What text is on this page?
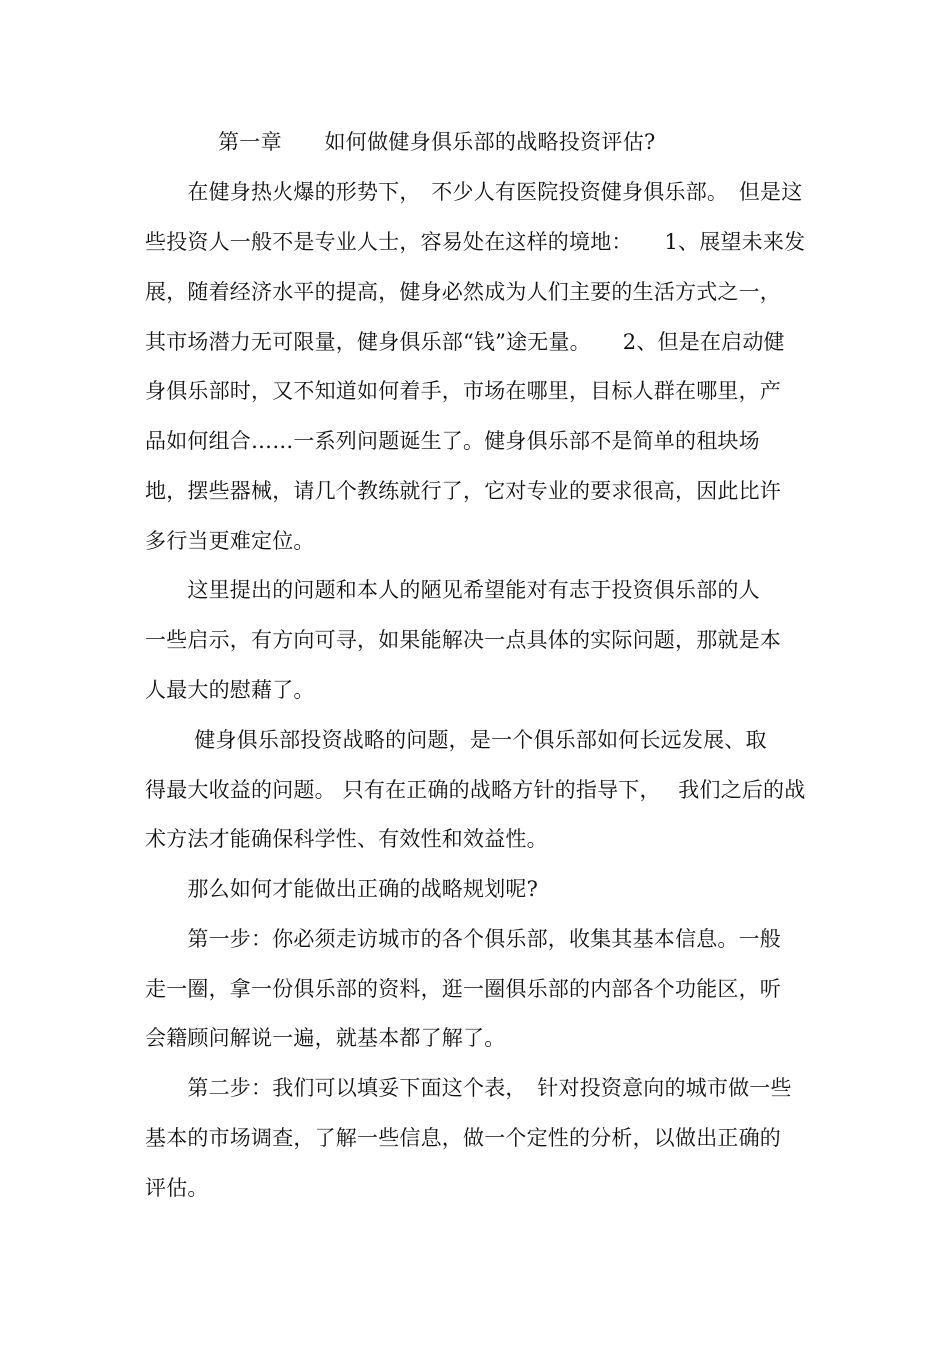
第一章　　如何做健身俱乐部的战略投资评估?
　　在健身热火爆的形势下，　不少人有医院投资健身俱乐部。　但是这
些投资人一般不是专业人士，容易处在这样的境地：　　1、展望未来发
展，随着经济水平的提高，健身必然成为人们主要的生活方式之一，
其市场潜力无可限量，健身俱乐部“钱”途无量。　　2、但是在启动健
身俱乐部时，又不知道如何着手，市场在哪里，目标人群在哪里，产
品如何组合……一系列问题诞生了。健身俱乐部不是简单的租块场
地，摆些器械，请几个教练就行了，它对专业的要求很高，因此比许
多行当更难定位。
　　这里提出的问题和本人的陋见希望能对有志于投资俱乐部的人
一些启示，有方向可寻，如果能解决一点具体的实际问题，那就是本
人最大的慰藉了。
　　 健身俱乐部投资战略的问题，是一个俱乐部如何长远发展、取
得最大收益的问题。 只有在正确的战略方针的指导下，　 我们之后的战
术方法才能确保科学性、有效性和效益性。
　　那么如何才能做出正确的战略规划呢?
　　第一步：你必须走访城市的各个俱乐部，收集其基本信息。一般
走一圈，拿一份俱乐部的资料，逛一圈俱乐部的内部各个功能区，听
会籍顾问解说一遍，就基本都了解了。
　　第二步：我们可以填妥下面这个表，　针对投资意向的城市做一些
基本的市场调查，了解一些信息，做一个定性的分析，以做出正确的
评估。
